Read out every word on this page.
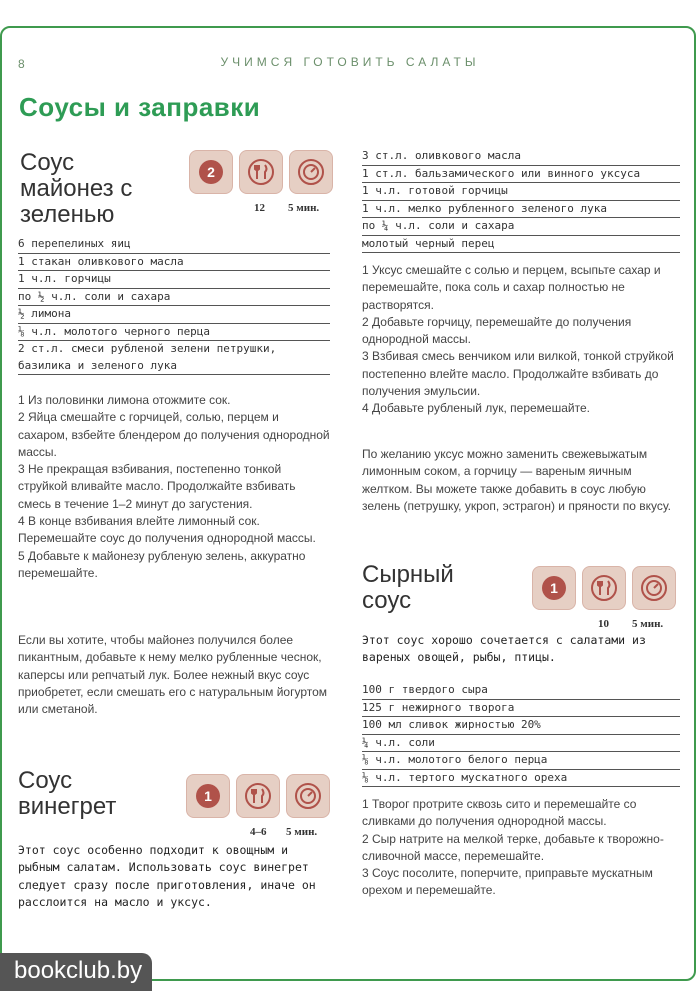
8	УЧИМСЯ ГОТОВИТЬ САЛАТЫ
Соусы и заправки
Соус майонез с зеленью
2
12 5 мин.
6 перепелиных яиц
1 стакан оливкового масла
1 ч.л. горчицы
по ½ ч.л. соли и сахара
½ лимона
⅛ ч.л. молотого черного перца
2 ст.л. смеси рубленой зелени петрушки, базилика и зеленого лука
1 Из половинки лимона отожмите сок.
2 Яйца смешайте с горчицей, солью, перцем и сахаром, взбейте блендером до получения однородной массы.
3 Не прекращая взбивания, постепенно тонкой струйкой вливайте масло. Продолжайте взбивать смесь в течение 1–2 минут до загустения.
4 В конце взбивания влейте лимонный сок. Перемешайте соус до получения однородной массы.
5 Добавьте к майонезу рубленую зелень, аккуратно перемешайте.
Если вы хотите, чтобы майонез получился более пикантным, добавьте к нему мелко рубленные чеснок, каперсы или репчатый лук. Более нежный вкус соус приобретет, если смешать его с натуральным йогуртом или сметаной.
Соус винегрет	1
4–6 5 мин.
Этот соус особенно подходит к овощным и рыбным салатам. Использовать соус винегрет следует сразу после приготовления, иначе он расслоится на масло и уксус.
3 ст.л. оливкового масла
1 ст.л. бальзамического или винного уксуса
1 ч.л. готовой горчицы
1 ч.л. мелко рубленного зеленого лука
по ¼ ч.л. соли и сахара
молотый черный перец
1 Уксус смешайте с солью и перцем, всыпьте сахар и перемешайте, пока соль и сахар полностью не растворятся.
2 Добавьте горчицу, перемешайте до получения однородной массы.
3 Взбивая смесь венчиком или вилкой, тонкой струйкой постепенно влейте масло. Продолжайте взбивать до получения эмульсии.
4 Добавьте рубленый лук, перемешайте.
По желанию уксус можно заменить свежевыжатым лимонным соком, а горчицу — вареным яичным желтком. Вы можете также добавить в соус любую зелень (петрушку, укроп, эстрагон) и пряности по вкусу.
Сырный соус	1
10 5 мин.
Этот соус хорошо сочетается с салатами из вареных овощей, рыбы, птицы.
100 г твердого сыра
125 г нежирного творога
100 мл сливок жирностью 20%
¼ ч.л. соли
⅛ ч.л. молотого белого перца
⅛ ч.л. тертого мускатного ореха
1 Творог протрите сквозь сито и перемешайте со сливками до получения однородной массы.
2 Сыр натрите на мелкой терке, добавьте к творожно-сливочной массе, перемешайте.
3 Соус посолите, поперчите, приправьте мускатным орехом и перемешайте.
bookclub.by
